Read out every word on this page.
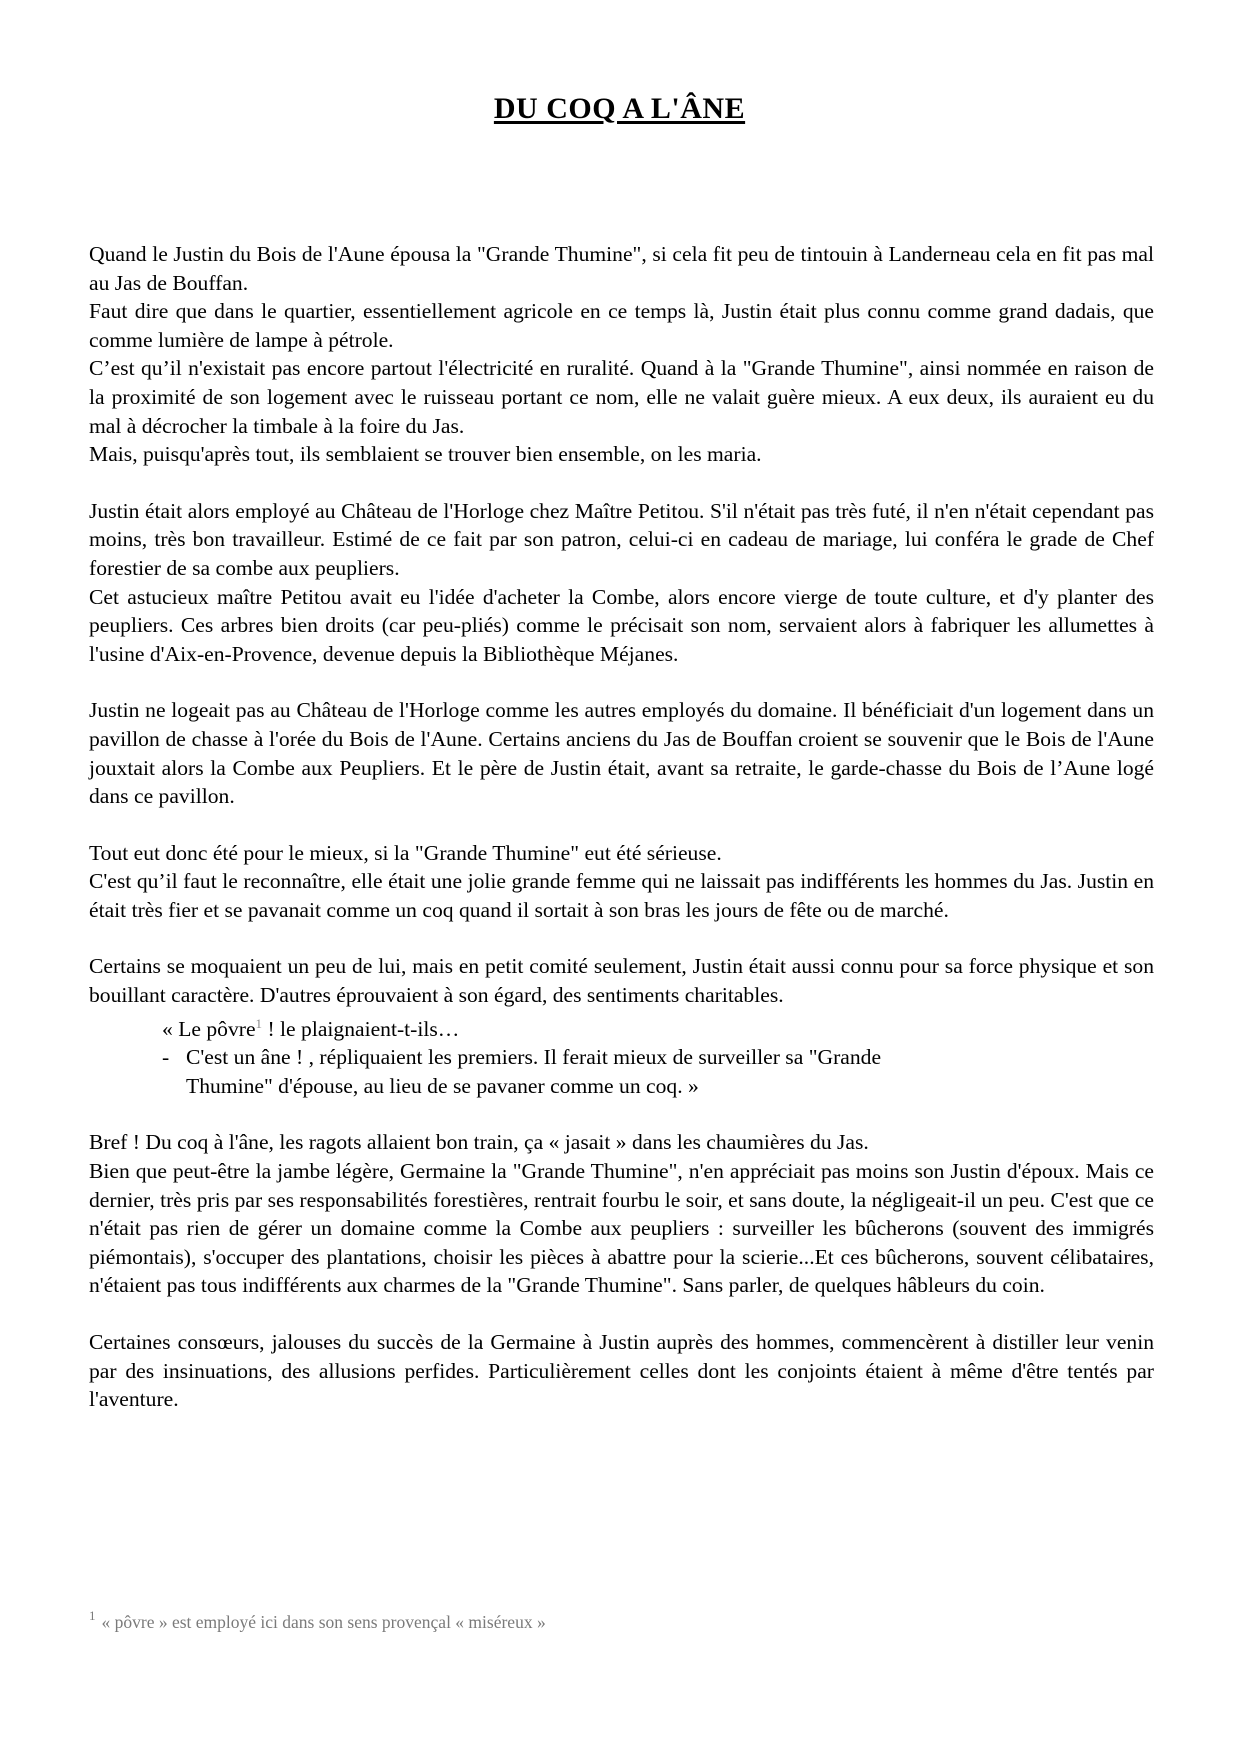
DU COQ A L'ÂNE

Quand le Justin du Bois de l'Aune épousa la "Grande Thumine", si cela fit peu de tintouin à Landerneau cela en fit pas mal au Jas de Bouffan.

Faut dire que dans le quartier, essentiellement agricole en ce temps là, Justin était plus connu comme grand dadais, que comme lumière de lampe à pétrole.

C’est qu’il n'existait pas encore partout l'électricité en ruralité. Quand à la "Grande Thumine", ainsi nommée en raison de la proximité de son logement avec le ruisseau portant ce nom, elle ne valait guère mieux. A eux deux, ils auraient eu du mal à décrocher la timbale à la foire du Jas.

Mais, puisqu'après tout, ils semblaient se trouver bien ensemble, on les maria.

Justin était alors employé au Château de l'Horloge chez Maître Petitou. S'il n'était pas très futé, il n'en n'était cependant pas moins, très bon travailleur. Estimé de ce fait par son patron, celui-ci en cadeau de mariage, lui conféra le grade de Chef forestier de sa combe aux peupliers.

Cet astucieux maître Petitou avait eu l'idée d'acheter la Combe, alors encore vierge de toute culture, et d'y planter des peupliers. Ces arbres bien droits (car peu-pliés) comme le précisait son nom, servaient alors à fabriquer les allumettes à l'usine d'Aix-en-Provence, devenue depuis la Bibliothèque Méjanes.

Justin ne logeait pas au Château de l'Horloge comme les autres employés du domaine. Il bénéficiait d'un logement dans un pavillon de chasse à l'orée du Bois de l'Aune. Certains anciens du Jas de Bouffan croient se souvenir que le Bois de l'Aune jouxtait alors la Combe aux Peupliers. Et le père de Justin était, avant sa retraite, le garde-chasse du Bois de l’Aune logé dans ce pavillon.

Tout eut donc été pour le mieux, si la "Grande Thumine" eut été sérieuse.

C'est qu’il faut le reconnaître, elle était une jolie grande femme qui ne laissait pas indifférents les hommes du Jas. Justin en était très fier et se pavanait comme un coq quand il sortait à son bras les jours de fête ou de marché.

Certains se moquaient un peu de lui, mais en petit comité seulement, Justin était aussi connu pour sa force physique et son bouillant caractère. D'autres éprouvaient à son égard, des sentiments charitables.

« Le pôvre$^1$ ! le plaignaient-t-ils…

- C'est un âne ! , répliquaient les premiers. Il ferait mieux de surveiller sa "Grande

Thumine" d'épouse, au lieu de se pavaner comme un coq. »

Bref ! Du coq à l'âne, les ragots allaient bon train, ça « jasait » dans les chaumières du Jas.

Bien que peut-être la jambe légère, Germaine la "Grande Thumine", n'en appréciait pas moins son Justin d'époux. Mais ce dernier, très pris par ses responsabilités forestières, rentrait fourbu le soir, et sans doute, la négligeait-il un peu. C'est que ce n'était pas rien de gérer un domaine comme la Combe aux peupliers : surveiller les bûcherons (souvent des immigrés piémontais), s'occuper des plantations, choisir les pièces à abattre pour la scierie...Et ces bûcherons, souvent célibataires, n'étaient pas tous indifférents aux charmes de la "Grande Thumine". Sans parler, de quelques hâbleurs du coin.

Certaines consœurs, jalouses du succès de la Germaine à Justin auprès des hommes, commencèrent à distiller leur venin par des insinuations, des allusions perfides. Particulièrement celles dont les conjoints étaient à même d'être tentés par l'aventure.

$^1$ « pôvre » est employé ici dans son sens provençal « miséreux »
